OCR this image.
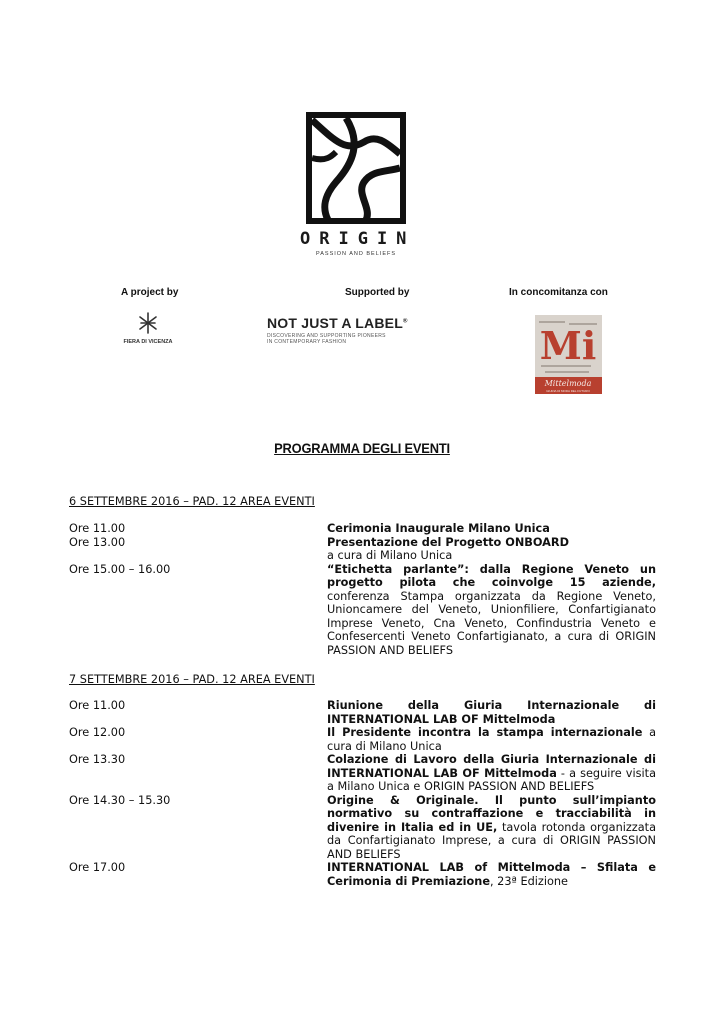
ORIGIN
PASSION AND BELIEFS
A project by	Supported by	In concomitanza con
FIERA DI VICENZA
NOT JUST A LABEL®
DISCOVERING AND SUPPORTING PIONEERS
IN CONTEMPORARY FASHION	Mi
Mittelmoda
GIURIA DI MODA DEL FUTURO
PROGRAMMA DEGLI EVENTI
6 SETTEMBRE 2016 – PAD. 12 AREA EVENTI
Ore 11.00	Cerimonia Inaugurale Milano Unica
Ore 13.00	Presentazione del Progetto ONBOARD
a cura di Milano Unica
Ore 15.00 – 16.00	“Etichetta parlante”: dalla Regione Veneto un progetto pilota che coinvolge 15 aziende, conferenza Stampa organizzata da Regione Veneto, Unioncamere del Veneto, Unionfiliere, Confartigianato Imprese Veneto, Cna Veneto, Confindustria Veneto e Confesercenti Veneto Confartigianato, a cura di ORIGIN PASSION AND BELIEFS
7 SETTEMBRE 2016 – PAD. 12 AREA EVENTI
Ore 11.00	Riunione della Giuria Internazionale di INTERNATIONAL LAB OF Mittelmoda
Ore 12.00	Il Presidente incontra la stampa internazionale a cura di Milano Unica
Ore 13.30	Colazione di Lavoro della Giuria Internazionale di INTERNATIONAL LAB OF Mittelmoda - a seguire visita a Milano Unica e ORIGIN PASSION AND BELIEFS
Ore 14.30 – 15.30	Origine & Originale. Il punto sull’impianto normativo su contraffazione e tracciabilità in divenire in Italia ed in UE, tavola rotonda organizzata da Confartigianato Imprese, a cura di ORIGIN PASSION AND BELIEFS
Ore 17.00	INTERNATIONAL LAB of Mittelmoda – Sfilata e Cerimonia di Premiazione, 23ª Edizione
